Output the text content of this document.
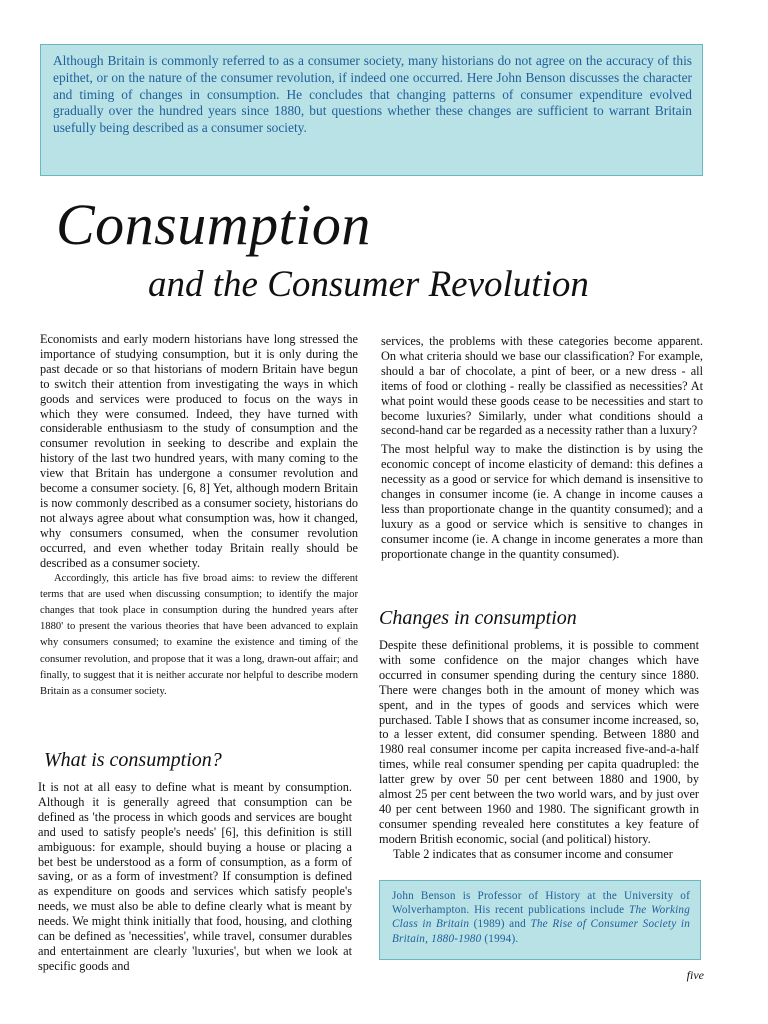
Although Britain is commonly referred to as a consumer society, many historians do not agree on the accuracy of this epithet, or on the nature of the consumer revolution, if indeed one occurred. Here John Benson discusses the character and timing of changes in consumption. He concludes that changing patterns of consumer expenditure evolved gradually over the hundred years since 1880, but questions whether these changes are sufficient to warrant Britain usefully being described as a consumer society.
Consumption
and the Consumer Revolution

Economists and early modern historians have long stressed the importance of studying consumption, but it is only during the past decade or so that historians of modern Britain have begun to switch their attention from investigating the ways in which goods and services were produced to focus on the ways in which they were consumed. Indeed, they have turned with considerable enthusiasm to the study of consumption and the consumer revolution in seeking to describe and explain the history of the last two hundred years, with many coming to the view that Britain has undergone a consumer revolution and become a consumer society. [6, 8] Yet, although modern Britain is now commonly described as a consumer society, historians do not always agree about what consumption was, how it changed, why consumers consumed, when the consumer revolution occurred, and even whether today Britain really should be described as a consumer society.

Accordingly, this article has five broad aims: to review the different terms that are used when discussing consumption; to identify the major changes that took place in consumption during the hundred years after 1880' to present the various theories that have been advanced to explain why consumers consumed; to examine the existence and timing of the consumer revolution, and propose that it was a long, drawn-out affair; and finally, to suggest that it is neither accurate nor helpful to describe modern Britain as a consumer society.

What is consumption?

It is not at all easy to define what is meant by consumption. Although it is generally agreed that consumption can be defined as 'the process in which goods and services are bought and used to satisfy people's needs' [6], this definition is still ambiguous: for example, should buying a house or placing a bet best be understood as a form of consumption, as a form of saving, or as a form of investment? If consumption is defined as expenditure on goods and services which satisfy people's needs, we must also be able to define clearly what is meant by needs. We might think initially that food, housing, and clothing can be defined as 'necessities', while travel, consumer durables and entertainment are clearly 'luxuries', but when we look at specific goods and

services, the problems with these categories become apparent. On what criteria should we base our classification? For example, should a bar of chocolate, a pint of beer, or a new dress - all items of food or clothing - really be classified as necessities? At what point would these goods cease to be necessities and start to become luxuries? Similarly, under what conditions should a second-hand car be regarded as a necessity rather than a luxury?

The most helpful way to make the distinction is by using the economic concept of income elasticity of demand: this defines a necessity as a good or service for which demand is insensitive to changes in consumer income (ie. A change in income causes a less than proportionate change in the quantity consumed); and a luxury as a good or service which is sensitive to changes in consumer income (ie. A change in income generates a more than proportionate change in the quantity consumed).

Changes in consumption

Despite these definitional problems, it is possible to comment with some confidence on the major changes which have occurred in consumer spending during the century since 1880. There were changes both in the amount of money which was spent, and in the types of goods and services which were purchased. Table I shows that as consumer income increased, so, to a lesser extent, did consumer spending. Between 1880 and 1980 real consumer income per capita increased five-and-a-half times, while real consumer spending per capita quadrupled: the latter grew by over 50 per cent between 1880 and 1900, by almost 25 per cent between the two world wars, and by just over 40 per cent between 1960 and 1980. The significant growth in consumer spending revealed here constitutes a key feature of modern British economic, social (and political) history.

Table 2 indicates that as consumer income and consumer

John Benson is Professor of History at the University of Wolverhampton. His recent publications include The Working Class in Britain (1989) and The Rise of Consumer Society in Britain, 1880-1980 (1994).
five
